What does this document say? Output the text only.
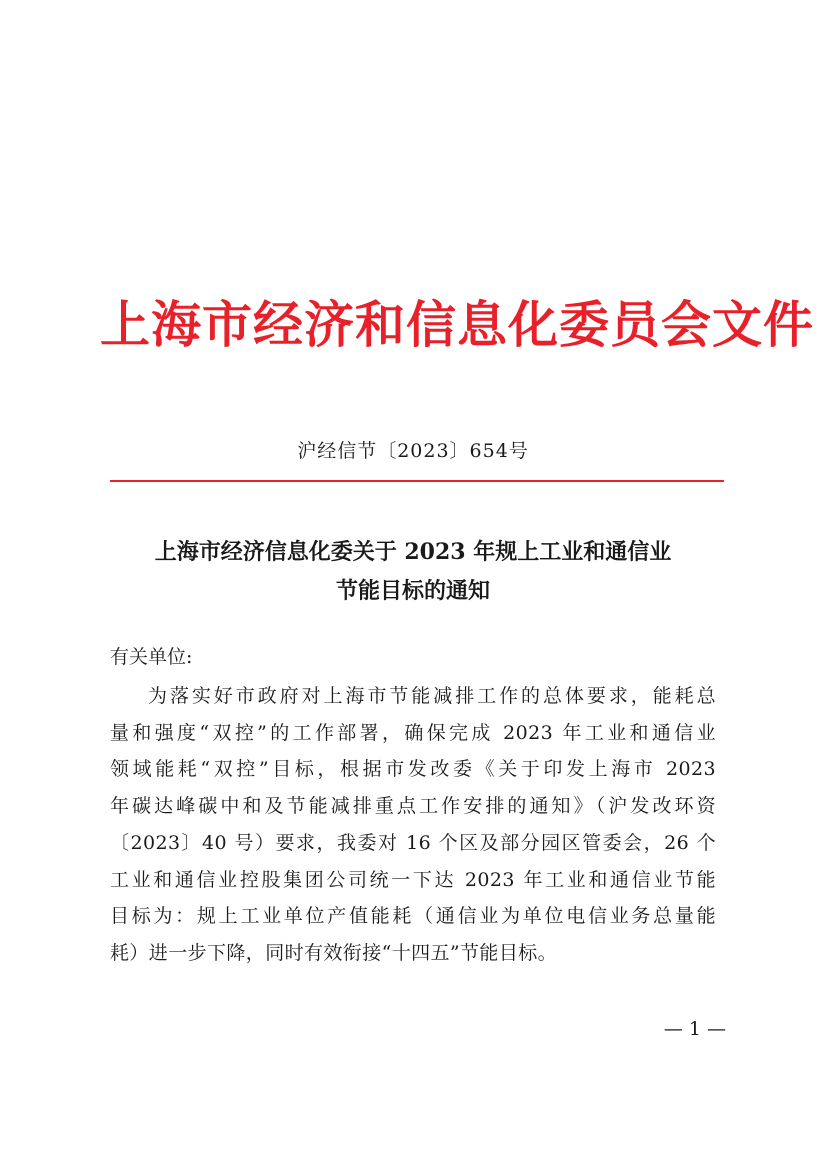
上海市经济和信息化委员会文件
沪经信节〔2023〕654号
上海市经济信息化委关于 2023 年规上工业和通信业
节能目标的通知
有关单位:
为落实好市政府对上海市节能减排工作的总体要求，能耗总
量和强度“双控”的工作部署，确保完成 2023 年工业和通信业
领域能耗“双控”目标，根据市发改委《关于印发上海市 2023
年碳达峰碳中和及节能减排重点工作安排的通知》（沪发改环资
〔2023〕40 号）要求，我委对 16 个区及部分园区管委会，26 个
工业和通信业控股集团公司统一下达 2023 年工业和通信业节能
目标为：规上工业单位产值能耗（通信业为单位电信业务总量能
耗）进一步下降，同时有效衔接“十四五”节能目标。
— 1 —
